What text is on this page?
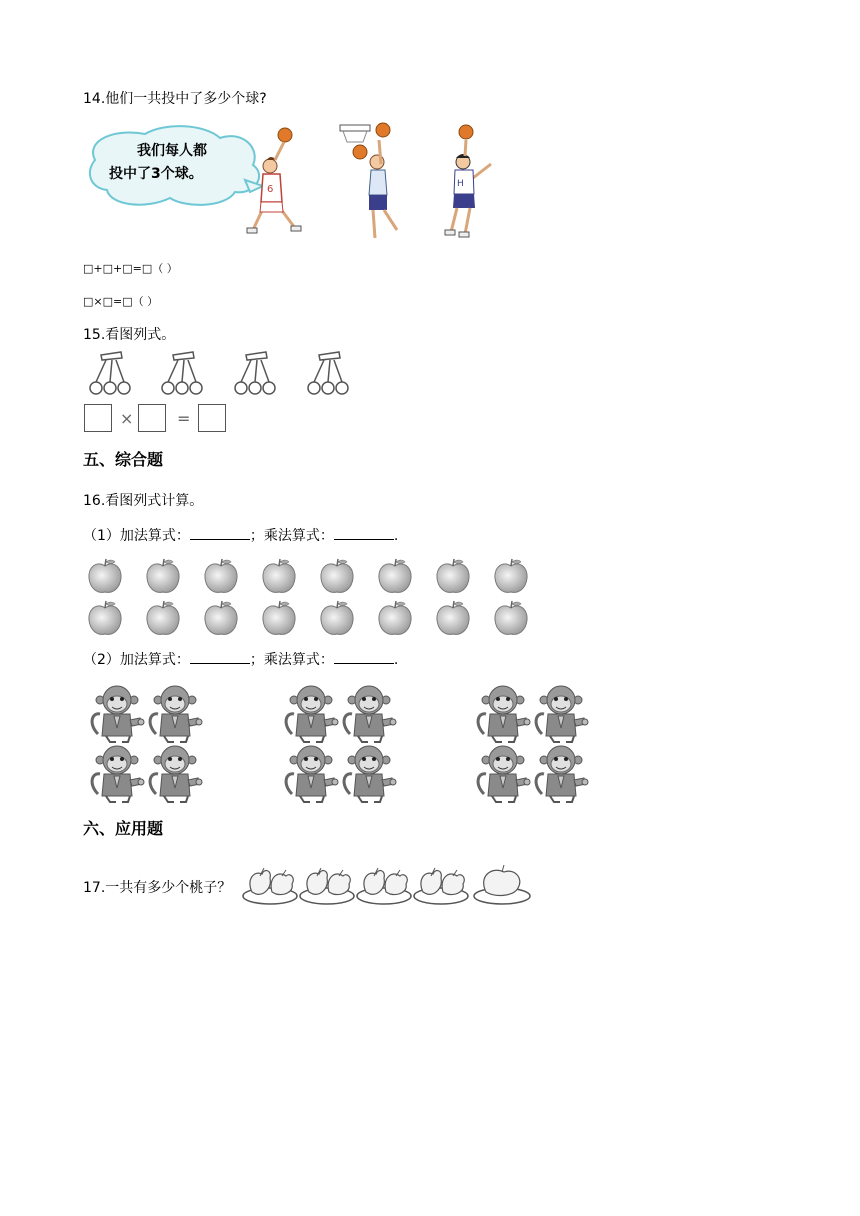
14.他们一共投中了多少个球?
我们每人都
投中了3个球。
6	H
□+□+□=□（ ）
□×□=□（ ）
15.看图列式。
×	=
五、综合题
16.看图列式计算。
（1）加法算式：	；乘法算式：	.
（2）加法算式：	；乘法算式：	.
六、应用题
17.一共有多少个桃子？
